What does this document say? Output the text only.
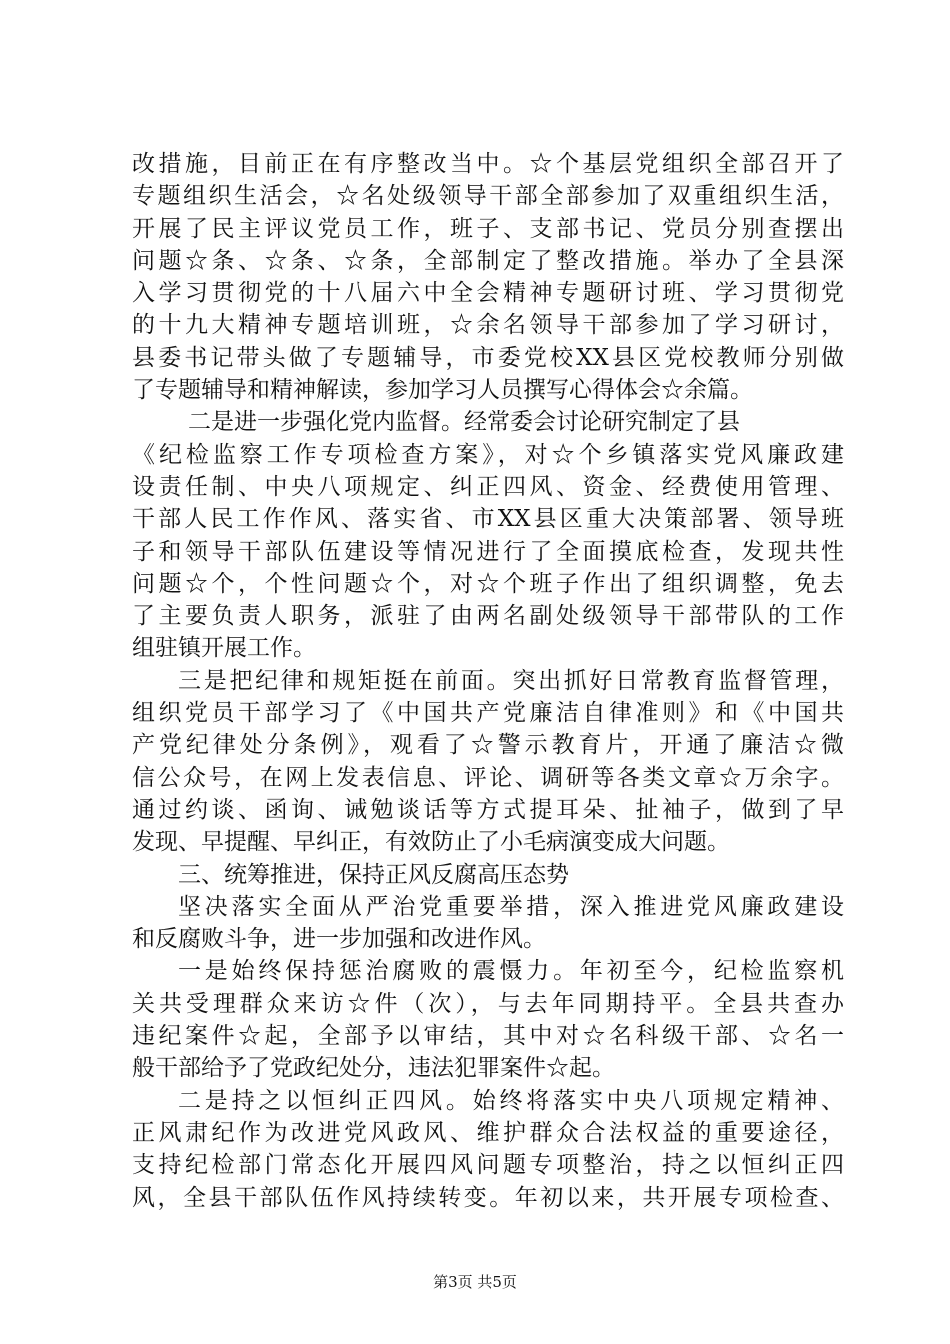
改措施，目前正在有序整改当中。☆个基层党组织全部召开了
专题组织生活会，☆名处级领导干部全部参加了双重组织生活，
开展了民主评议党员工作，班子、支部书记、党员分别查摆出
问题☆条、☆条、☆条，全部制定了整改措施。举办了全县深
入学习贯彻党的十八届六中全会精神专题研讨班、学习贯彻党
的十九大精神专题培训班，☆余名领导干部参加了学习研讨，
县委书记带头做了专题辅导，市委党校XX县区党校教师分别做
了专题辅导和精神解读，参加学习人员撰写心得体会☆余篇。
二是进一步强化党内监督。经常委会讨论研究制定了县
《纪检监察工作专项检查方案》，对☆个乡镇落实党风廉政建
设责任制、中央八项规定、纠正四风、资金、经费使用管理、
干部人民工作作风、落实省、市XX县区重大决策部署、领导班
子和领导干部队伍建设等情况进行了全面摸底检查，发现共性
问题☆个，个性问题☆个，对☆个班子作出了组织调整，免去
了主要负责人职务，派驻了由两名副处级领导干部带队的工作
组驻镇开展工作。
三是把纪律和规矩挺在前面。突出抓好日常教育监督管理，
组织党员干部学习了《中国共产党廉洁自律准则》和《中国共
产党纪律处分条例》，观看了☆警示教育片，开通了廉洁☆微
信公众号，在网上发表信息、评论、调研等各类文章☆万余字。
通过约谈、函询、诫勉谈话等方式提耳朵、扯袖子，做到了早
发现、早提醒、早纠正，有效防止了小毛病演变成大问题。
三、统筹推进，保持正风反腐高压态势
坚决落实全面从严治党重要举措，深入推进党风廉政建设
和反腐败斗争，进一步加强和改进作风。
一是始终保持惩治腐败的震慑力。年初至今，纪检监察机
关共受理群众来访☆件（次），与去年同期持平。全县共查办
违纪案件☆起，全部予以审结，其中对☆名科级干部、☆名一
般干部给予了党政纪处分，违法犯罪案件☆起。
二是持之以恒纠正四风。始终将落实中央八项规定精神、
正风肃纪作为改进党风政风、维护群众合法权益的重要途径，
支持纪检部门常态化开展四风问题专项整治，持之以恒纠正四
风，全县干部队伍作风持续转变。年初以来，共开展专项检查、
第3页 共5页
